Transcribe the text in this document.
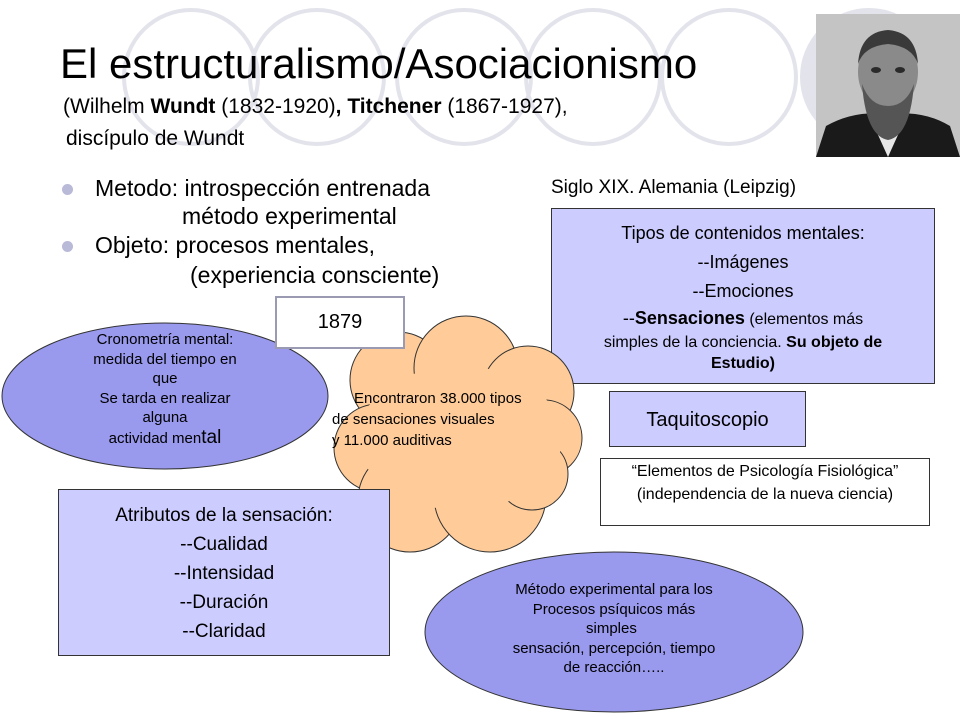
El estructuralismo/Asociacionismo
(Wilhelm Wundt (1832-1920), Titchener (1867-1927),
discípulo de Wundt
Metodo: introspección entrenada
método experimental
Objeto: procesos mentales,
(experiencia consciente)
Siglo XIX. Alemania (Leipzig)
Tipos de contenidos mentales:
--Imágenes
--Emociones
--Sensaciones (elementos más
simples de la conciencia. Su objeto de
Estudio)
1879
Cronometría mental:
medida del tiempo en
que
Se tarda en realizar
alguna
actividad mental
Encontraron 38.000 tipos
de sensaciones visuales
y 11.000 auditivas
Taquitoscopio
“Elementos de Psicología Fisiológica”
(independencia de la nueva ciencia)
Atributos de la sensación:
--Cualidad
--Intensidad
--Duración
--Claridad
Método experimental para los
Procesos psíquicos más
simples
sensación, percepción, tiempo
de reacción…..
